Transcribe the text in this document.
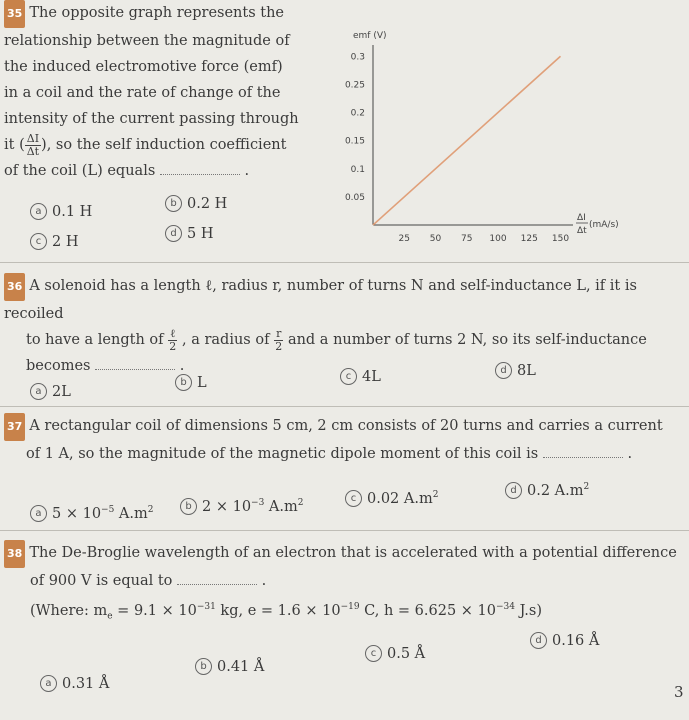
35 The opposite graph represents the
relationship between the magnitude of
the induced electromotive force (emf)
in a coil and the rate of change of the
intensity of the current passing through
it ( $\frac{\Delta I}{\Delta t}$ ), so the self induction coefficient
of the coil (L) equals	.
a 0.1 H	b 0.2 H
c 2 H	d 5 H
emf (V)
0.05
0.1
0.15
0.2
0.25
0.3
25 50 75 100 125 150
ΔI
Δt
(mA/s)
36 A solenoid has a length ℓ, radius r, number of turns N and self-inductance L, if it is recoiled
to have a length of $\frac{\text{ℓ}}{2}$ , a radius of $\frac{r}{2}$ and a number of turns 2 N, so its self-inductance
becomes	.
a 2L
b L	c 4L	d 8L
37 A rectangular coil of dimensions 5 cm, 2 cm consists of 20 turns and carries a current
of 1 A, so the magnitude of the magnetic dipole moment of this coil is	.
a $5 \times 10^{-5}$ $A.m^2$	b $2 \times 10^{-3}$ $A.m^2$	c 0.02 $A.m^2$	d 0.2 $A.m^2$
38 The De-Broglie wavelength of an electron that is accelerated with a potential difference
of 900 V is equal to	.
(Where: $m_e = 9.1 \times 10^{-31}$ kg, $e = 1.6 \times 10^{-19}$ C, $h = 6.625 \times 10^{-34}$ J.s)
a 0.31 Å
b 0.41 Å
c 0.5 Å
d 0.16 Å
3
